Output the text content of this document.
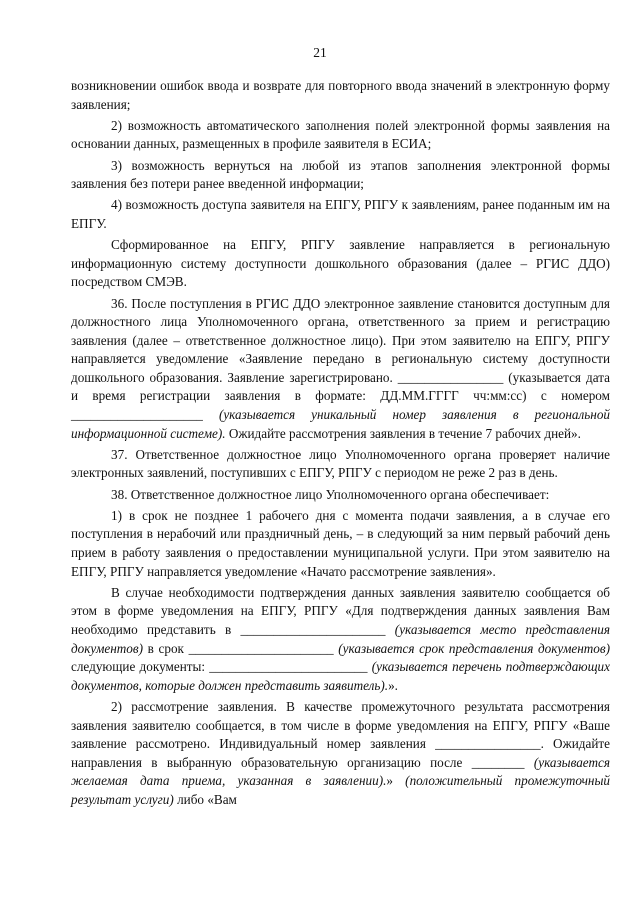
21

возникновении ошибок ввода и возврате для повторного ввода значений в электронную форму заявления;

2) возможность автоматического заполнения полей электронной формы заявления на основании данных, размещенных в профиле заявителя в ЕСИА;

3) возможность вернуться на любой из этапов заполнения электронной формы заявления без потери ранее введенной информации;

4) возможность доступа заявителя на ЕПГУ, РПГУ к заявлениям, ранее поданным им на ЕПГУ.

Сформированное на ЕПГУ, РПГУ заявление направляется в региональную информационную систему доступности дошкольного образования (далее – РГИС ДДО) посредством СМЭВ.

36. После поступления в РГИС ДДО электронное заявление становится доступным для должностного лица Уполномоченного органа, ответственного за прием и регистрацию заявления (далее – ответственное должностное лицо). При этом заявителю на ЕПГУ, РПГУ направляется уведомление «Заявление передано в региональную систему доступности дошкольного образования. Заявление зарегистрировано. ________________ (указывается дата и время регистрации заявления в формате: ДД.ММ.ГГГГ чч:мм:сс) с номером ____________________ (указывается уникальный номер заявления в региональной информационной системе). Ожидайте рассмотрения заявления в течение 7 рабочих дней».

37. Ответственное должностное лицо Уполномоченного органа проверяет наличие электронных заявлений, поступивших с ЕПГУ, РПГУ с периодом не реже 2 раз в день.

38. Ответственное должностное лицо Уполномоченного органа обеспечивает:

1) в срок не позднее 1 рабочего дня с момента подачи заявления, а в случае его поступления в нерабочий или праздничный день, – в следующий за ним первый рабочий день прием в работу заявления о предоставлении муниципальной услуги. При этом заявителю на ЕПГУ, РПГУ направляется уведомление «Начато рассмотрение заявления».

В случае необходимости подтверждения данных заявления заявителю сообщается об этом в форме уведомления на ЕПГУ, РПГУ «Для подтверждения данных заявления Вам необходимо представить в ______________________ (указывается место представления документов) в срок ______________________ (указывается срок представления документов) следующие документы: ________________________ (указывается перечень подтверждающих документов, которые должен представить заявитель).».

2) рассмотрение заявления. В качестве промежуточного результата рассмотрения заявления заявителю сообщается, в том числе в форме уведомления на ЕПГУ, РПГУ «Ваше заявление рассмотрено. Индивидуальный номер заявления ________________. Ожидайте направления в выбранную образовательную организацию после ________ (указывается желаемая дата приема, указанная в заявлении).» (положительный промежуточный результат услуги) либо «Вам
